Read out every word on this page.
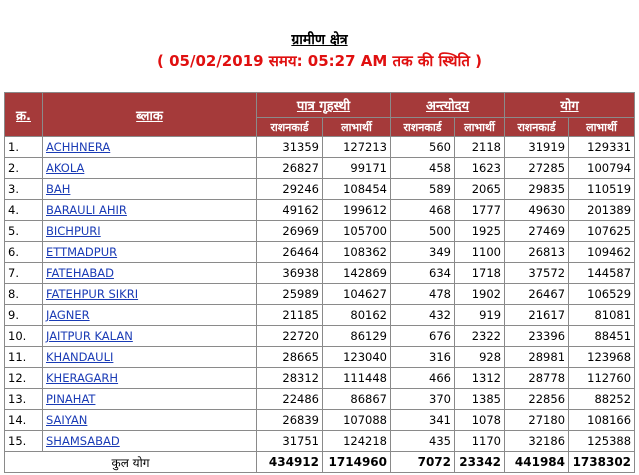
ग्रामीण क्षेत्र
( 05/02/2019 समय: 05:27 AM तक की स्थिति )
क्र.	ब्लाक	पात्र गृहस्थी		अन्त्योदय		योग	
		राशनकार्ड	लाभार्थी	राशनकार्ड	लाभार्थी	राशनकार्ड	लाभार्थी
1.	ACHHNERA	31359	127213	560	2118	31919	129331
2.	AKOLA	26827	99171	458	1623	27285	100794
3.	BAH	29246	108454	589	2065	29835	110519
4.	BARAULI AHIR	49162	199612	468	1777	49630	201389
5.	BICHPURI	26969	105700	500	1925	27469	107625
6.	ETTMADPUR	26464	108362	349	1100	26813	109462
7.	FATEHABAD	36938	142869	634	1718	37572	144587
8.	FATEHPUR SIKRI	25989	104627	478	1902	26467	106529
9.	JAGNER	21185	80162	432	919	21617	81081
10.	JAITPUR KALAN	22720	86129	676	2322	23396	88451
11.	KHANDAULI	28665	123040	316	928	28981	123968
12.	KHERAGARH	28312	111448	466	1312	28778	112760
13.	PINAHAT	22486	86867	370	1385	22856	88252
14.	SAIYAN	26839	107088	341	1078	27180	108166
15.	SHAMSABAD	31751	124218	435	1170	32186	125388
कुल योग		434912	1714960	7072	23342	441984	1738302
